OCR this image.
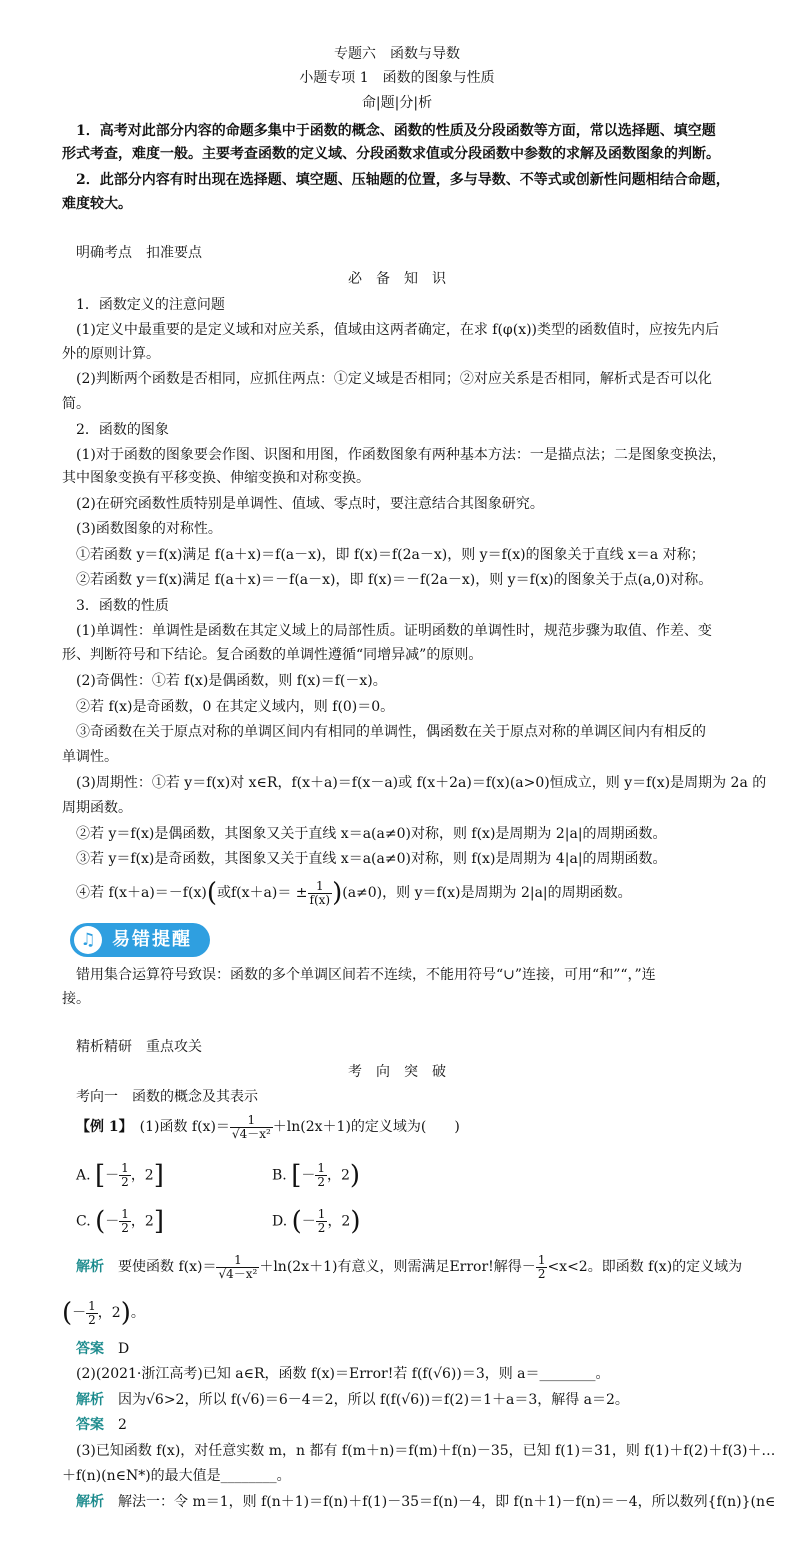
专题六　函数与导数
小题专项 1　函数的图象与性质
命|题|分|析
1．高考对此部分内容的命题多集中于函数的概念、函数的性质及分段函数等方面，常以选择题、填空题
形式考查，难度一般。主要考查函数的定义域、分段函数求值或分段函数中参数的求解及函数图象的判断。
2．此部分内容有时出现在选择题、填空题、压轴题的位置，多与导数、不等式或创新性问题相结合命题，
难度较大。
明确考点　扣准要点
必　备　知　识
1．函数定义的注意问题
(1)定义中最重要的是定义域和对应关系，值域由这两者确定，在求 f(φ(x))类型的函数值时，应按先内后
外的原则计算。
(2)判断两个函数是否相同，应抓住两点：①定义域是否相同；②对应关系是否相同，解析式是否可以化
简。
2．函数的图象
(1)对于函数的图象要会作图、识图和用图，作函数图象有两种基本方法：一是描点法；二是图象变换法，
其中图象变换有平移变换、伸缩变换和对称变换。
(2)在研究函数性质特别是单调性、值域、零点时，要注意结合其图象研究。
(3)函数图象的对称性。
①若函数 y＝f(x)满足 f(a＋x)＝f(a－x)，即 f(x)＝f(2a－x)，则 y＝f(x)的图象关于直线 x＝a 对称；
②若函数 y＝f(x)满足 f(a＋x)＝－f(a－x)，即 f(x)＝－f(2a－x)，则 y＝f(x)的图象关于点(a,0)对称。
3．函数的性质
(1)单调性：单调性是函数在其定义域上的局部性质。证明函数的单调性时，规范步骤为取值、作差、变
形、判断符号和下结论。复合函数的单调性遵循“同增异减”的原则。
(2)奇偶性：①若 f(x)是偶函数，则 f(x)＝f(－x)。
②若 f(x)是奇函数，0 在其定义域内，则 f(0)＝0。
③奇函数在关于原点对称的单调区间内有相同的单调性，偶函数在关于原点对称的单调区间内有相反的
单调性。
(3)周期性：①若 y＝f(x)对 x∈R，f(x＋a)＝f(x－a)或 f(x＋2a)＝f(x)(a>0)恒成立，则 y＝f(x)是周期为 2a 的
周期函数。
②若 y＝f(x)是偶函数，其图象又关于直线 x＝a(a≠0)对称，则 f(x)是周期为 2|a|的周期函数。
③若 y＝f(x)是奇函数，其图象又关于直线 x＝a(a≠0)对称，则 f(x)是周期为 4|a|的周期函数。
④若 f(x＋a)＝－f(x)(或$f(x+a)= \pm \frac{1}{f(x)} )(a\ne 0)$，则 y＝f(x)是周期为 2|a|的周期函数。
♫ 易错提醒
错用集合运算符号致误：函数的多个单调区间若不连续，不能用符号“∪”连接，可用“和”“，”连
接。
精析精研　重点攻关
考　向　突　破
考向一　函数的概念及其表示
【例 1】　 (1)函数 $f(x)= \frac{1}{\text{√4－x²}} +\ln(2x+1)$的定义域为(　　)
A. [－ $\frac{1}{2}$ ，2]	B. [－ $\frac{1}{2}$ ，2)
C. (－ $\frac{1}{2}$ ，2]	D. (－ $\frac{1}{2}$ ，2)
解析　 要使函数 $f(x)= \frac{1}{\text{√4－x²}} +\ln(2x+1)$有意义，则需满足Error!解得－ $\frac{1}{2} <x<2$。即函数 f(x)的定义域为
(－ $\frac{1}{2}$ ，2)。
答案　 D
(2)(2021·浙江高考)已知 a∈R，函数 f(x)＝Error!若 f(f(√6))＝3，则 a＝________。
解析　 因为√6>2，所以 f(√6)＝6－4＝2，所以 f(f(√6))＝f(2)＝1＋a＝3，解得 a＝2。
答案　 2
(3)已知函数 f(x)，对任意实数 m，n 都有 f(m＋n)＝f(m)＋f(n)－35，已知 f(1)＝31，则 f(1)＋f(2)＋f(3)＋…
＋f(n)(n∈N*)的最大值是________。
解析　 解法一：令 m＝1，则 f(n＋1)＝f(n)＋f(1)－35＝f(n)－4，即 f(n＋1)－f(n)＝－4，所以数列{f(n)}(n∈
